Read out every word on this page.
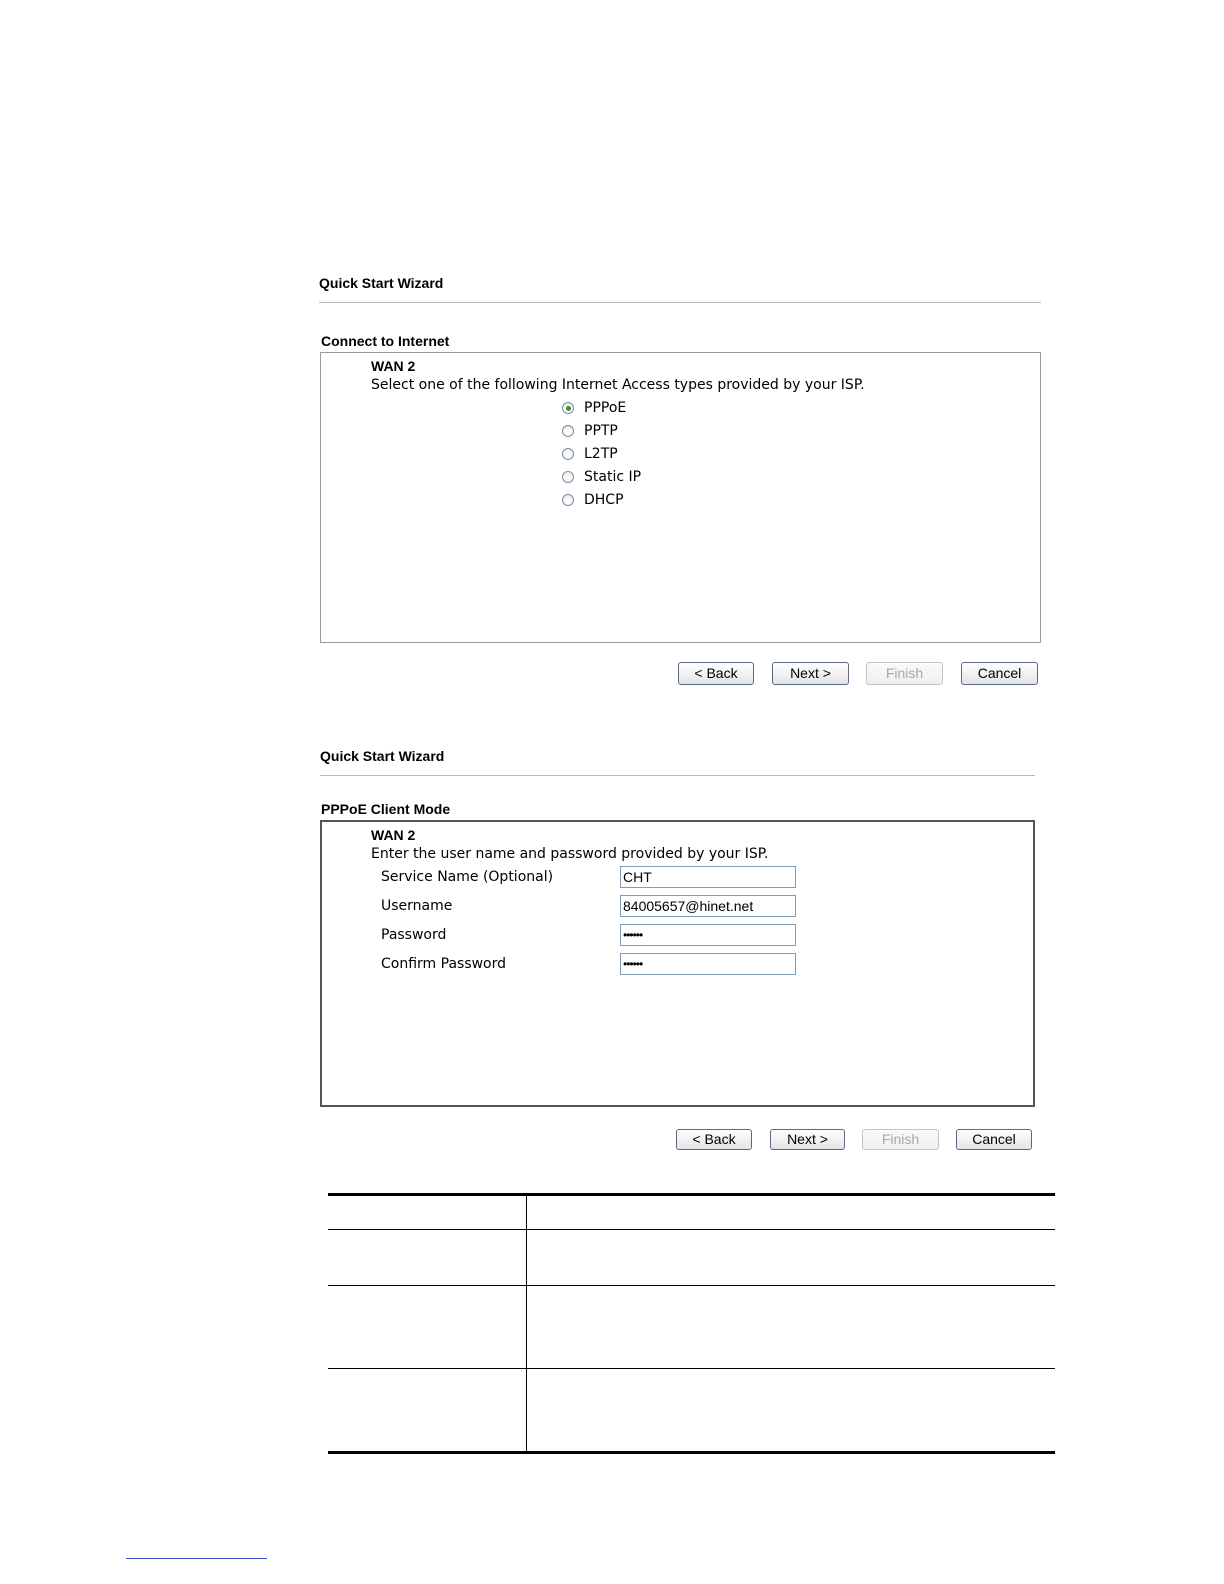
Quick Start Wizard
Connect to Internet
WAN 2
Select one of the following Internet Access types provided by your ISP.
PPPoE
PPTP
L2TP
Static IP
DHCP
< Back	Next >	Finish	Cancel
Quick Start Wizard
PPPoE Client Mode
WAN 2
Enter the user name and password provided by your ISP.
Service Name (Optional)	CHT
Username	84005657@hinet.net
Password	••••••
Confirm Password	••••••
< Back	Next >	Finish	Cancel
